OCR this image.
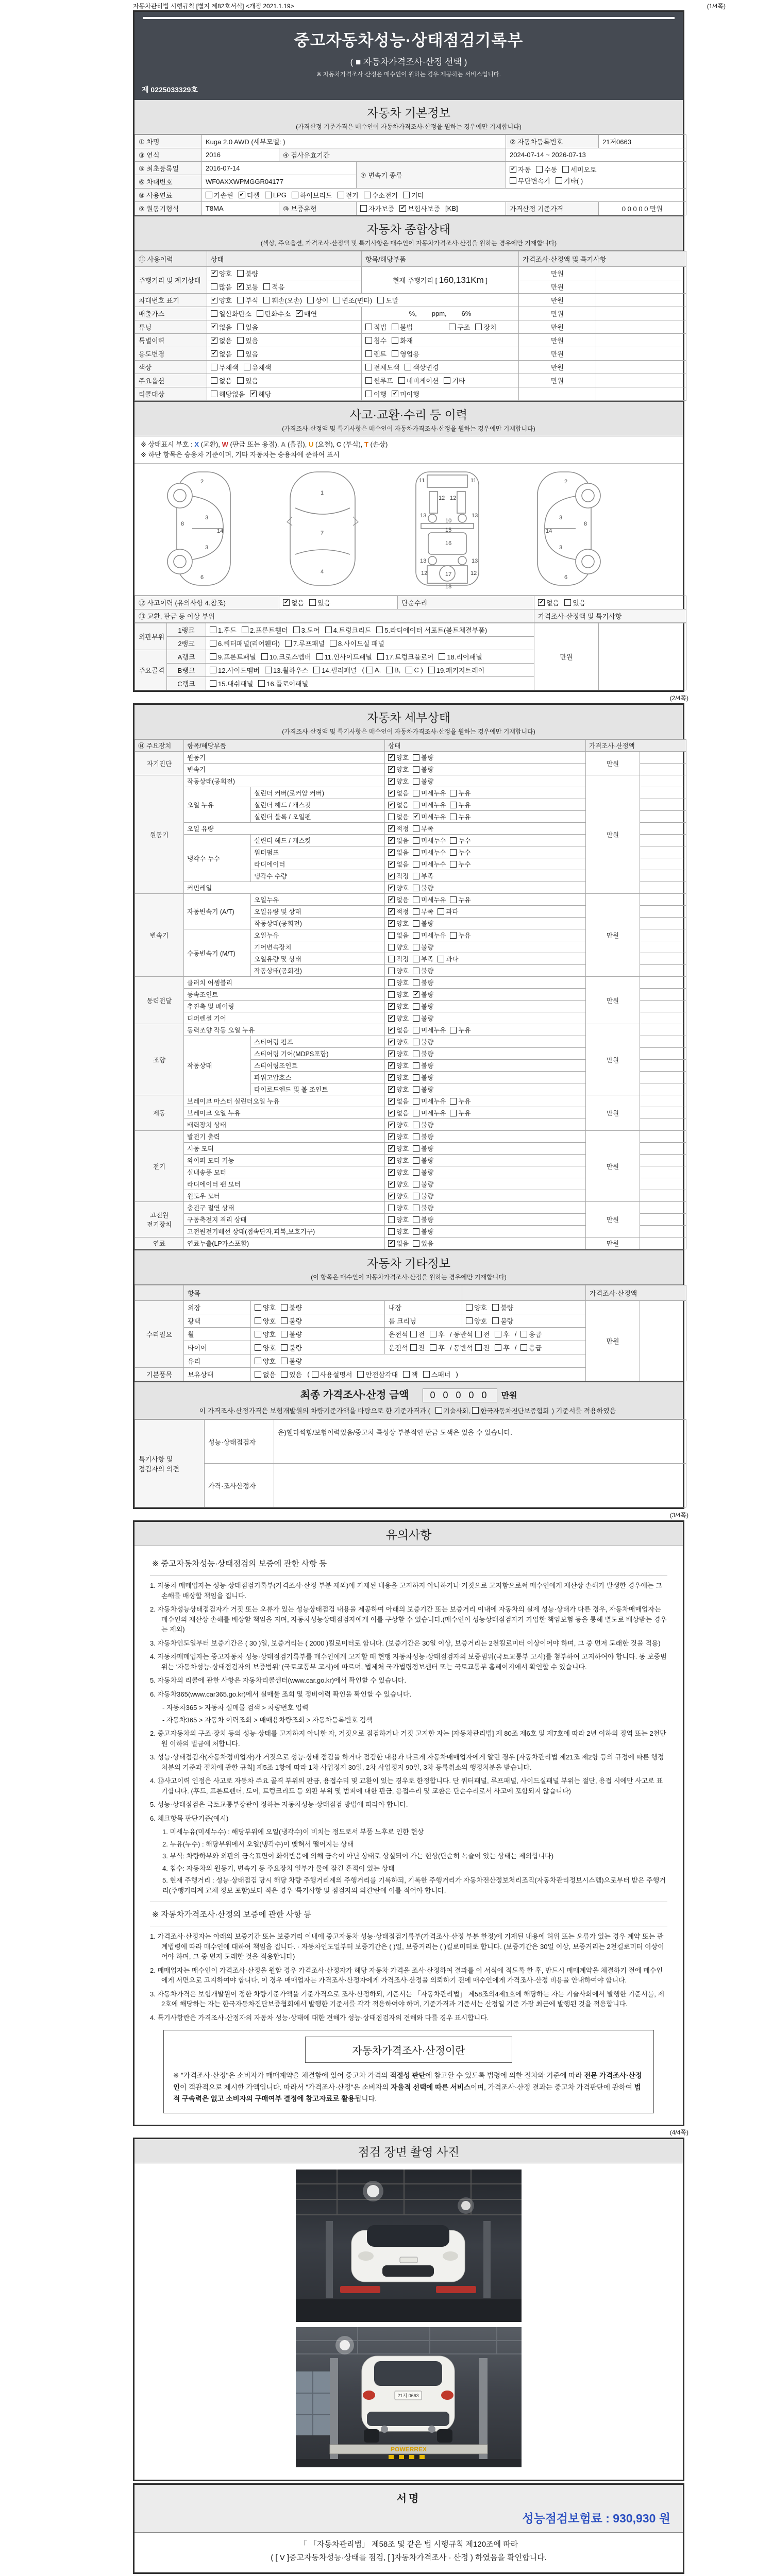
자동차관리법 시행규칙 [별지 제82호서식] <개정 2021.1.19>	(1/4쪽)
중고자동차성능·상태점검기록부
( ■ 자동차가격조사·산정 선택 )
※ 자동차가격조사·산정은 매수인이 원하는 경우 제공하는 서비스입니다.
제 0225033329호
자동차 기본정보
(가격산정 기준가격은 매수인이 자동차가격조사·산정을 원하는 경우에만 기재합니다)
① 차명	Kuga 2.0 AWD (세부모델: )			② 자동차등록번호	21저0663
③ 연식	2016	④ 검사유효기간		2024-07-14 ~ 2026-07-13	
⑤ 최초등록일	2016-07-14	⑦ 변속기 종류	
✔ 자동 수동 세미오토
무단변속기 기타( )

⑥ 차대번호	WF0AXXWPMGGR04177				
⑧ 사용연료	가솔린 ✔ 디젤 LPG 하이브리드 전기 수소전기 기타

⑨ 원동기형식	T8MA	⑩ 보증유형	자가보증 ✔ 보험사보증 [KB]	가격산정 기준가격	0 0 0 0 0 만원
자동차 종합상태
(색상, 주요옵션, 가격조사·산정액 및 특기사항은 매수인이 자동차가격조사·산정을 원하는 경우에만 기재합니다)
⑪ 사용이력	상태	항목/해당부품	가격조사·산정액 및 특기사항	
주행거리 및 계기상태	✔ 양호 불량	현재 주행거리 [ 160,131Km ]	만원	

	많음 ✔ 보통 적음		만원	
차대번호 표기	✔ 양호 부식 훼손(오손) 상이 변조(변타) 도말	만원	
배출가스	일산화탄소 탄화수소 ✔ 매연	%,        ppm,        6%	만원	
튜닝	✔ 없음 있음	적법 불법 구조 장치	만원	
특별이력	✔ 없음 있음	침수 화재	만원	
용도변경	✔ 없음 있음	렌트 영업용	만원	
색상	무채색 유채색	전체도색 색상변경	만원	
주요옵션	없음 있음	썬루프 네비게이션 기타	만원	
리콜대상	해당없음 ✔ 해당	이행 ✔ 미이행		

사고·교환·수리 등 이력
(가격조사·산정액 및 특기사항은 매수인이 자동차가격조사·산정을 원하는 경우에만 기재합니다)
※ 상태표시 부호 : X (교환), W (판금 또는 용접), A (흠집), U (요철), C (부식), T (손상)
※ 하단 항목은 승용차 기준이며, 기타 자동차는 승용차에 준하여 표시
2
8
3
3
14
6
1
7
4
11	11
12 12
13	13
10
15
16
13	13
12	12
17
18
2
8
3
3
14
6
⑫ 사고이력 (유의사항 4.참조)	✔ 없음 있음	단순수리	✔ 없음 있음

⑬ 교환, 판금 등 이상 부위			가격조사·산정액 및 특기사항
외판부위	1랭크	1.후드 2.프론트휀더 3.도어 4.트렁크리드 5.라디에이터 서포트(볼트체결부품)	만원	
	2랭크	6.쿼터패널(리어휀더) 7.루프패널 8.사이드실 패널		

주요골격	A랭크	9.프론트패널 10.크로스멤버 11.인사이드패널 17.트렁크플로어 18.리어패널		

B랭크	12.사이드멤버 13.휠하우스 14.필러패널 ( A, B, C ) 19.패키지트레이

	C랭크	15.대쉬패널 16.플로어패널		
(2/4쪽)
자동차 세부상태
(가격조사·산정액 및 특기사항은 매수인이 자동차가격조사·산정을 원하는 경우에만 기재합니다)
⑭ 주요장치	항목/해당부품		상태	가격조사·산정액	
자기진단	원동기		✔ 양호 불량	만원	
	변속기		✔ 양호 불량		

원동기	작동상태(공회전)		✔ 양호 불량	만원	
	오일 누유	실린더 커버(로커암 커버)	✔ 없음 미세누유 누유		

		실린더 헤드 / 개스킷	✔ 없음 미세누유 누유		

		실린더 블록 / 오일팬	없음 ✔ 미세누유 누유		

	오일 유량		✔ 적정 부족		

	냉각수 누수	실린더 헤드 / 개스킷	✔ 없음 미세누수 누수		

		워터펌프	✔ 없음 미세누수 누수		

		라디에이터	✔ 없음 미세누수 누수		

		냉각수 수량	✔ 적정 부족		

	커먼레일		✔ 양호 불량		

변속기	자동변속기 (A/T)	오일누유	✔ 없음 미세누유 누유	만원	
		오일유량 및 상태	✔ 적정 부족 과다		

		작동상태(공회전)	✔ 양호 불량		

	수동변속기 (M/T)	오일누유	없음 미세누유 누유		

		기어변속장치	양호 불량		

		오일유량 및 상태	적정 부족 과다		

		작동상태(공회전)	양호 불량		

동력전달	클러치 어셈블리		양호 불량	만원	
	등속조인트		양호 ✔ 불량		

	추진축 및 베어링		✔ 양호 불량		

	디퍼렌셜 기어		✔ 양호 불량		

조향	동력조향 작동 오일 누유		✔ 없음 미세누유 누유	만원	
	작동상태	스티어링 펌프	✔ 양호 불량		

		스티어링 기어(MDPS포함)	✔ 양호 불량		

		스티어링조인트	✔ 양호 불량		

		파워고압호스	✔ 양호 불량		

		타이로드엔드 및 볼 조인트	✔ 양호 불량		

제동	브레이크 마스터 실린더오일 누유		✔ 없음 미세누유 누유	만원	
	브레이크 오일 누유		✔ 없음 미세누유 누유		

	배력장치 상태		✔ 양호 불량		

전기	발전기 출력		✔ 양호 불량	만원	
	시동 모터		✔ 양호 불량		

	와이퍼 모터 기능		✔ 양호 불량		

	실내송풍 모터		✔ 양호 불량		

	라디에이터 팬 모터		✔ 양호 불량		

	윈도우 모터		✔ 양호 불량		

고전원 전기장치	충전구 절연 상태		양호 불량	만원	
	구동축전지 격리 상태		양호 불량		

	고전원전기배선 상태(접속단자,피복,보호기구)		양호 불량		

연료	연료누출(LP가스포함)		✔ 없음 있음	만원	
자동차 기타정보
(이 항목은 매수인이 자동차가격조사·산정을 원하는 경우에만 기재합니다)
	항목				가격조사·산정액	
수리필요	외장	양호 불량	내장	양호 불량	만원	
	광택	양호 불량	룸 크리닝	양호 불량		

휠	양호 불량	운전석 전 후 / 동반석 전 후 / 응급

타이어	양호 불량	운전석 전 후 / 동반석 전 후 / 응급

	유리	양호 불량				

기본품목	보유상태	없음 있음 ( 사용설명서 안전삼각대 잭 스패너 )
최종 가격조사·산정 금액 0 0 0 0 0 만원
이 가격조사·산정가격은 보험개발원의 차량기준가액을 바탕으로 한 기준가격과 ( 기술사회, 한국자동차진단보증협회 ) 기준서를 적용하였음
특기사항 및 점검자의 의견	성능·상태점검자	운)휀다찍힘/보험이력있음/중고차 특성상 부분적인 판금 도색은 있을 수 있습니다.
	가격·조사산정자	
(3/4쪽)
유의사항
※ 중고자동차성능·상태점검의 보증에 관한 사항 등
1. 자동차 매매업자는 성능·상태점검기록부(가격조사·산정 부분 제외)에 기재된 내용을 고지하지 아니하거나 거짓으로 고지함으로써 매수인에게 재산상 손해가 발생한 경우에는 그 손해를 배상할 책임을 집니다.
2. 자동차성능상태점검자가 거짓 또는 오류가 있는 성능상태점검 내용을 제공하여 아래의 보증기간 또는 보증거리 이내에 자동차의 실제 성능·상태가 다른 경우, 자동차매매업자는 매수인의 재산상 손해를 배상할 책임을 지며, 자동차성능상태점검자에게 이를 구상할 수 있습니다.(매수인이 성능상태점검자가 가입한 책임보험 등을 통해 별도로 배상받는 경우는 제외)
3. 자동차인도일부터 보증기간은 ( 30 )일, 보증거리는 ( 2000 )킬로미터로 합니다. (보증기간은 30일 이상, 보증거리는 2천킬로미터 이상이어야 하며, 그 중 먼저 도래한 것을 적용)
4. 자동차매매업자는 중고자동차 성능·상태점검기록부를 매수인에게 고지할 때 현행 자동차성능·상태점검자의 보증범위(국토교통부 고시)를 첨부하여 고지하여야 합니다. 동 보증범위는 '자동차성능·상태점검자의 보증범위' (국토교통부 고시)에 따르며, 법제처 국가법령정보센터 또는 국토교통부 홈페이지에서 확인할 수 있습니다.
5. 자동차의 리콜에 관한 사항은 자동차리콜센터(www.car.go.kr)에서 확인할 수 있습니다.
6. 자동차365(www.car365.go.kr)에서 실매물 조회 및 정비이력 확인을 확인할 수 있습니다.
- 자동차365 > 자동차 실매물 검색 > 차량번호 입력
- 자동차365 > 자동차 이력조회 > 매매용차량조회 > 자동차등록번호 검색
2. 중고자동차의 구조·장치 등의 성능·상태를 고지하지 아니한 자, 거짓으로 점검하거나 거짓 고지한 자는 [자동차관리법] 제 80조 제6호 및 제7호에 따라 2년 이하의 징역 또는 2천만원 이하의 벌금에 처합니다.
3. 성능·상태점검자(자동차정비업자)가 거짓으로 성능·상태 점검을 하거나 점검한 내용과 다르게 자동차매매업자에게 알린 경우 [자동차관리법 제21조 제2항 등의 규정에 따른 행정처분의 기준과 절차에 관한 규칙] 제5조 1항에 따라 1차 사업정지 30일, 2차 사업정지 90일, 3차 등록취소의 행정처분을 받습니다.
4. ⑫사고이력 인정은 사고로 자동차 주요 골격 부위의 판금, 용접수리 및 교환이 있는 경우로 한정합니다. 단 쿼터패널, 루프패널, 사이드실패널 부위는 절단, 용접 시에만 사고로 표기합니다. (후드, 프론트펜더, 도어, 트렁크리드 등 외판 부위 및 범퍼에 대한 판금, 용접수리 및 교환은 단순수리로서 사고에 포함되지 않습니다)
5. 성능·상태점검은 국토교통부장관이 정하는 자동차성능·상태점검 방법에 따라야 합니다.
6. 체크항목 판단기준(예시)
1. 미세누유(미세누수) : 해당부위에 오일(냉각수)이 비치는 정도로서 부품 노후로 인한 현상
2. 누유(누수) : 해당부위에서 오일(냉각수)이 맺혀서 떨어지는 상태
3. 부식: 차량하부와 외판의 금속표면이 화학반응에 의해 금속이 아닌 상태로 상실되어 가는 현상(단순히 녹슬어 있는 상태는 제외합니다)
4. 침수: 자동차의 원동기, 변속기 등 주요장치 일부가 물에 잠긴 흔적이 있는 상태
5. 현재 주행거리 : 성능·상태점검 당시 해당 차량 주행거리계의 주행거리를 기록하되, 기록한 주행거리가 자동차전산정보처리조직(자동차관리정보시스템)으로부터 받은 주행거리(주행거리계 교체 정보 포함)보다 적은 경우 '특기사항 및 점검자의 의견'란에 이를 적어야 합니다.
※ 자동차가격조사·산정의 보증에 관한 사항 등
1. 가격조사·산정자는 아래의 보증기간 또는 보증거리 이내에 중고자동차 성능·상태점검기록부(가격조사·산정 부분 한정)에 기재된 내용에 허위 또는 오류가 있는 경우 계약 또는 관계법령에 따라 매수인에 대하여 책임을 집니다. · 자동차인도일부터 보증기간은 ( )일, 보증거리는 ( )킬로미터로 합니다. (보증기간은 30일 이상, 보증거리는 2천킬로미터 이상이어야 하며, 그 중 먼저 도래한 것을 적용합니다)
2. 매매업자는 매수인이 가격조사·산정을 원할 경우 가격조사·산정자가 해당 자동차 가격을 조사·산정하여 결과를 이 서식에 적도록 한 후, 반드시 매매계약을 체결하기 전에 매수인에게 서면으로 고지하여야 합니다. 이 경우 매매업자는 가격조사·산정자에게 가격조사·산정을 의뢰하기 전에 매수인에게 가격조사·산정 비용을 안내하여야 합니다.
3. 자동차가격은 보험개발원이 정한 차량기준가액을 기준가격으로 조사·산정하되, 기준서는 「자동차관리법」 제58조의4제1호에 해당하는 자는 기술사회에서 발행한 기준서를, 제2호에 해당하는 자는 한국자동차진단보증협회에서 발행한 기준서를 각각 적용하여야 하며, 기준가격과 기준서는 산정일 기준 가장 최근에 발행된 것을 적용합니다.
4. 특기사항란은 가격조사·산정자의 자동차 성능·상태에 대한 견해가 성능·상태점검자의 견해와 다를 경우 표시합니다.
자동차가격조사·산정이란
※ "가격조사·산정"은 소비자가 매매계약을 체결함에 있어 중고차 가격의 적절성 판단에 참고할 수 있도록 법령에 의한 절차와 기준에 따라 전문 가격조사·산정인이 객관적으로 제시한 가액입니다. 따라서 "가격조사·산정"은 소비자의 자율적 선택에 따른 서비스이며, 가격조사·산정 결과는 중고차 가격판단에 관하여 법적 구속력은 없고 소비자의 구매여부 결정에 참고자료로 활용됩니다.
(4/4쪽)
점검 장면 촬영 사진
21저 0663
POWERREX
서명
성능점검보험료 : 930,930 원
「 「자동차관리법」 제58조 및 같은 법 시행규칙 제120조에 따라
( [ V ]중고자동차성능·상태를 점검, [ ]자동차가격조사 · 산정 ) 하였음을 확인합니다.
